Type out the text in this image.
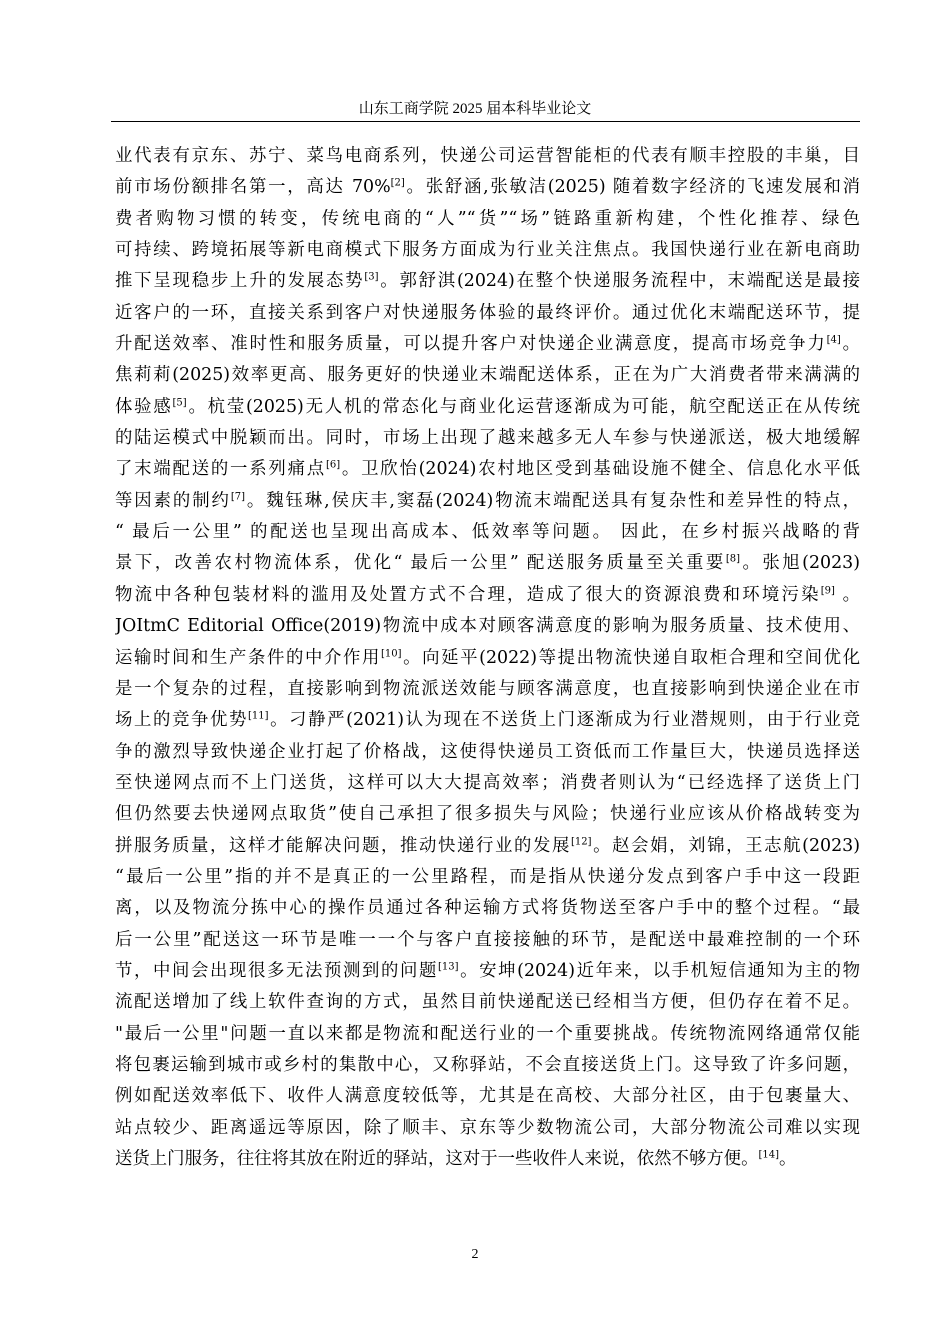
山东工商学院 2025 届本科毕业论文
业代表有京东、苏宁、菜鸟电商系列，快递公司运营智能柜的代表有顺丰控股的丰巢，目
前市场份额排名第一，高达 70%[2]。张舒涵,张敏洁(2025) 随着数字经济的飞速发展和消
费者购物习惯的转变，传统电商的“人”“货”“场”链路重新构建，个性化推荐、绿色
可持续、跨境拓展等新电商模式下服务方面成为行业关注焦点。我国快递行业在新电商助
推下呈现稳步上升的发展态势[3]。郭舒淇(2024)在整个快递服务流程中，末端配送是最接
近客户的一环，直接关系到客户对快递服务体验的最终评价。通过优化末端配送环节，提
升配送效率、准时性和服务质量，可以提升客户对快递企业满意度，提高市场竞争力[4]。
焦莉莉(2025)效率更高、服务更好的快递业末端配送体系，正在为广大消费者带来满满的
体验感[5]。杭莹(2025)无人机的常态化与商业化运营逐渐成为可能，航空配送正在从传统
的陆运模式中脱颖而出。同时，市场上出现了越来越多无人车参与快递派送，极大地缓解
了末端配送的一系列痛点[6]。卫欣怡(2024)农村地区受到基础设施不健全、信息化水平低
等因素的制约[7]。魏钰琳,侯庆丰,窦磊(2024)物流末端配送具有复杂性和差异性的特点，
“ 最后一公里” 的配送也呈现出高成本、低效率等问题。 因此，在乡村振兴战略的背
景下，改善农村物流体系，优化“ 最后一公里” 配送服务质量至关重要[8]。张旭(2023)
物流中各种包装材料的滥用及处置方式不合理，造成了很大的资源浪费和环境污染[9] 。
JOItmC Editorial Office(2019)物流中成本对顾客满意度的影响为服务质量、技术使用、
运输时间和生产条件的中介作用[10]。向延平(2022)等提出物流快递自取柜合理和空间优化
是一个复杂的过程，直接影响到物流派送效能与顾客满意度，也直接影响到快递企业在市
场上的竞争优势[11]。刁静严(2021)认为现在不送货上门逐渐成为行业潜规则，由于行业竞
争的激烈导致快递企业打起了价格战，这使得快递员工资低而工作量巨大，快递员选择送
至快递网点而不上门送货，这样可以大大提高效率；消费者则认为“已经选择了送货上门
但仍然要去快递网点取货”使自己承担了很多损失与风险；快递行业应该从价格战转变为
拼服务质量，这样才能解决问题，推动快递行业的发展[12]。赵会娟，刘锦，王志航(2023)
“最后一公里”指的并不是真正的一公里路程，而是指从快递分发点到客户手中这一段距
离，以及物流分拣中心的操作员通过各种运输方式将货物送至客户手中的整个过程。“最
后一公里”配送这一环节是唯一一个与客户直接接触的环节，是配送中最难控制的一个环
节，中间会出现很多无法预测到的问题[13]。安坤(2024)近年来，以手机短信通知为主的物
流配送增加了线上软件查询的方式，虽然目前快递配送已经相当方便，但仍存在着不足。
"最后一公里"问题一直以来都是物流和配送行业的一个重要挑战。传统物流网络通常仅能
将包裹运输到城市或乡村的集散中心，又称驿站，不会直接送货上门。这导致了许多问题，
例如配送效率低下、收件人满意度较低等，尤其是在高校、大部分社区，由于包裹量大、
站点较少、距离遥远等原因，除了顺丰、京东等少数物流公司，大部分物流公司难以实现
送货上门服务，往往将其放在附近的驿站，这对于一些收件人来说，依然不够方便。[14]。
2
